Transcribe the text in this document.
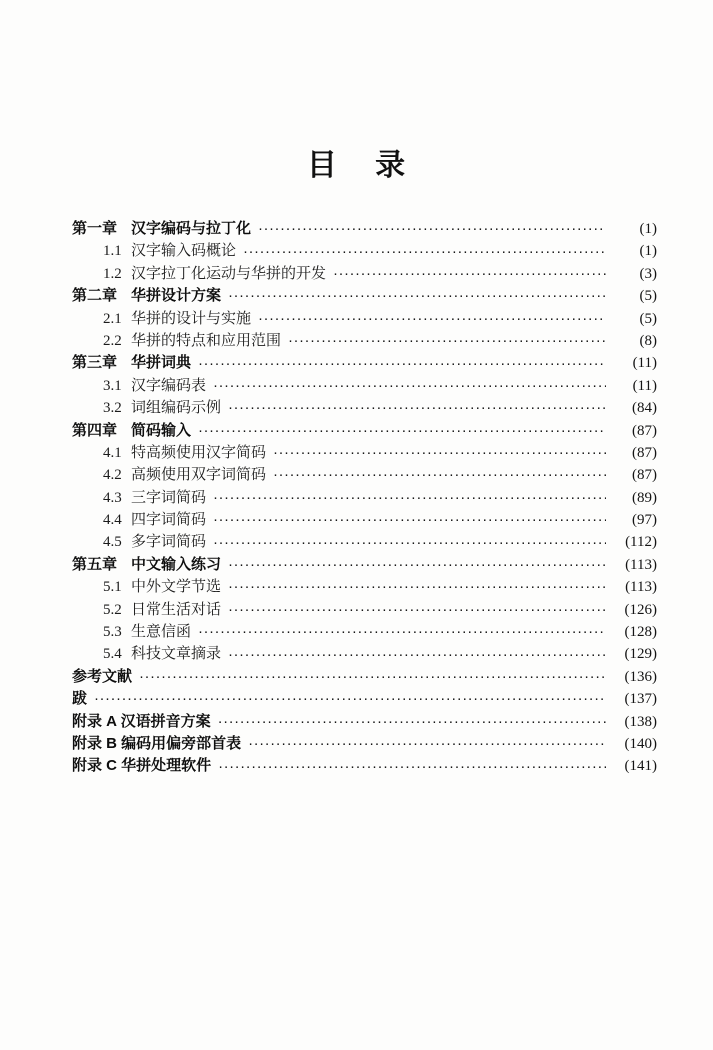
目    录
第一章 汉字编码与拉丁化 ·····	(1)
1.1 汉字输入码概论 ·····	(1)
1.2 汉字拉丁化运动与华拼的开发 ·····	(3)
第二章 华拼设计方案 ·····	(5)
2.1 华拼的设计与实施 ·····	(5)
2.2 华拼的特点和应用范围 ·····	(8)
第三章 华拼词典 ·····	(11)
3.1 汉字编码表 ·····	(11)
3.2 词组编码示例 ·····	(84)
第四章 简码输入 ·····	(87)
4.1 特高频使用汉字简码 ·····	(87)
4.2 高频使用双字词简码 ·····	(87)
4.3 三字词简码 ·····	(89)
4.4 四字词简码 ·····	(97)
4.5 多字词简码 ·····	(112)
第五章 中文输入练习 ·····	(113)
5.1 中外文学节选 ·····	(113)
5.2 日常生活对话 ·····	(126)
5.3 生意信函 ·····	(128)
5.4 科技文章摘录 ·····	(129)
参考文献 ·····	(136)
跋 ·····	(137)
附录 A 汉语拼音方案 ·····	(138)
附录 B 编码用偏旁部首表 ·····	(140)
附录 C 华拼处理软件 ·····	(141)
